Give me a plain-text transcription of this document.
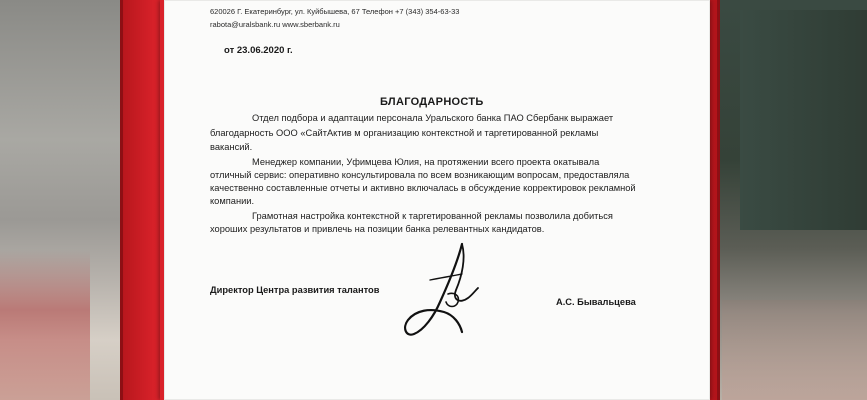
620026 Г. Екатеринбург, ул. Куйбышева, 67 Телефон +7 (343) 354-63-33
rabota@uralsbank.ru www.sberbank.ru
от 23.06.2020 г.
БЛАГОДАРНОСТЬ
Отдел подбора и адаптации персонала Уральского банка ПАО Сбербанк выражает
благодарность ООО «СайтАктив м организацию контекстной и таргетированной рекламы
вакансий.
Менеджер компании, Уфимцева Юлия, на протяжении всего проекта окатывала
отличный сервис: оперативно консультировала по всем возникающим вопросам, предоставляла
качественно составленные отчеты и активно включалась в обсуждение корректировок рекламной
компании.
Грамотная настройка контекстной к таргетированной рекламы позволила добиться
хороших результатов и привлечь на позиции банка релевантных кандидатов.
Директор Центра развития талантов
А.С. Бывальцева
